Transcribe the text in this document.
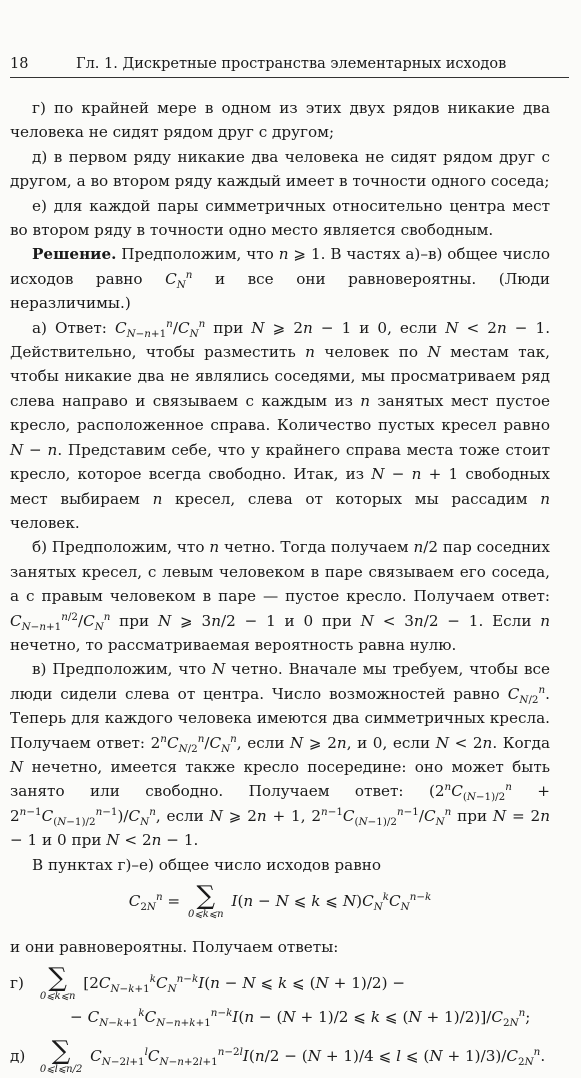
18	Гл. 1. Дискретные пространства элементарных исходов

г) по крайней мере в одном из этих двух рядов никакие два человека не сидят рядом друг с другом;

д) в первом ряду никакие два человека не сидят рядом друг с другом, а во втором ряду каждый имеет в точности одного соседа;

е) для каждой пары симметричных относительно центра мест во втором ряду в точности одно место является свободным.

Решение. Предположим, что n ⩾ 1. В частях а)–в) общее число исходов равно $C_N^n$ и все они равновероятны. (Люди неразличимы.)

а) Ответ: $C_{N-n+1}^n/C_N^n$ при N ⩾ 2n − 1 и 0, если N < 2n − 1. Действительно, чтобы разместить n человек по N местам так, чтобы никакие два не являлись соседями, мы просматриваем ряд слева направо и связываем с каждым из n занятых мест пустое кресло, расположенное справа. Количество пустых кресел равно N − n. Представим себе, что у крайнего справа места тоже стоит кресло, которое всегда свободно. Итак, из N − n + 1 свободных мест выбираем n кресел, слева от которых мы рассадим n человек.

б) Предположим, что n четно. Тогда получаем n/2 пар соседних занятых кресел, с левым человеком в паре связываем его соседа, а с правым человеком в паре — пустое кресло. Получаем ответ: $C_{N-n+1}^{n/2}/C_N^n$ при N ⩾ 3n/2 − 1 и 0 при N < 3n/2 − 1. Если n нечетно, то рассматриваемая вероятность равна нулю.

в) Предположим, что N четно. Вначале мы требуем, чтобы все люди сидели слева от центра. Число возможностей равно $C_{N/2}^n$. Теперь для каждого человека имеются два симметричных кресла. Получаем ответ: $2^nC_{N/2}^n/C_N^n$, если N ⩾ 2n, и 0, если N < 2n. Когда N нечетно, имеется также кресло посередине: оно может быть занято или свободно. Получаем ответ: $(2^nC_{(N-1)/2}^n + 2^{n-1}C_{(N-1)/2}^{n-1})/C_N^n$, если N ⩾ 2n + 1, $2^{n-1}C_{(N-1)/2}^{n-1}/C_N^n$ при N = 2n − 1 и 0 при N < 2n − 1.

В пунктах г)–е) общее число исходов равно

$C_{2N}^n$ = ∑
0⩽k⩽n
I(n − N ⩽ k ⩽ $N)C_N^kC_N^{n-k}$

и они равновероятны. Получаем ответы:

г) ∑
0⩽k⩽n
[$2C_{N-k+1}^kC_N^{n-k}I(n - N$ ⩽ k ⩽ (N + 1)/2) −
− $C_{N-k+1}^kC_{N-n+k+1}^{n-k}I(n - (N + 1)/2$ ⩽ k ⩽ $(N + 1)/2)]/C_{2N}^n$;
д)	∑
0⩽l⩽n/2
$C_{N-2l+1}^lC_{N-n+2l+1}^{n-2l}I(n/2 - (N + 1)/4$ ⩽ l ⩽ $(N + 1)/3)/C_{2N}^n$.
